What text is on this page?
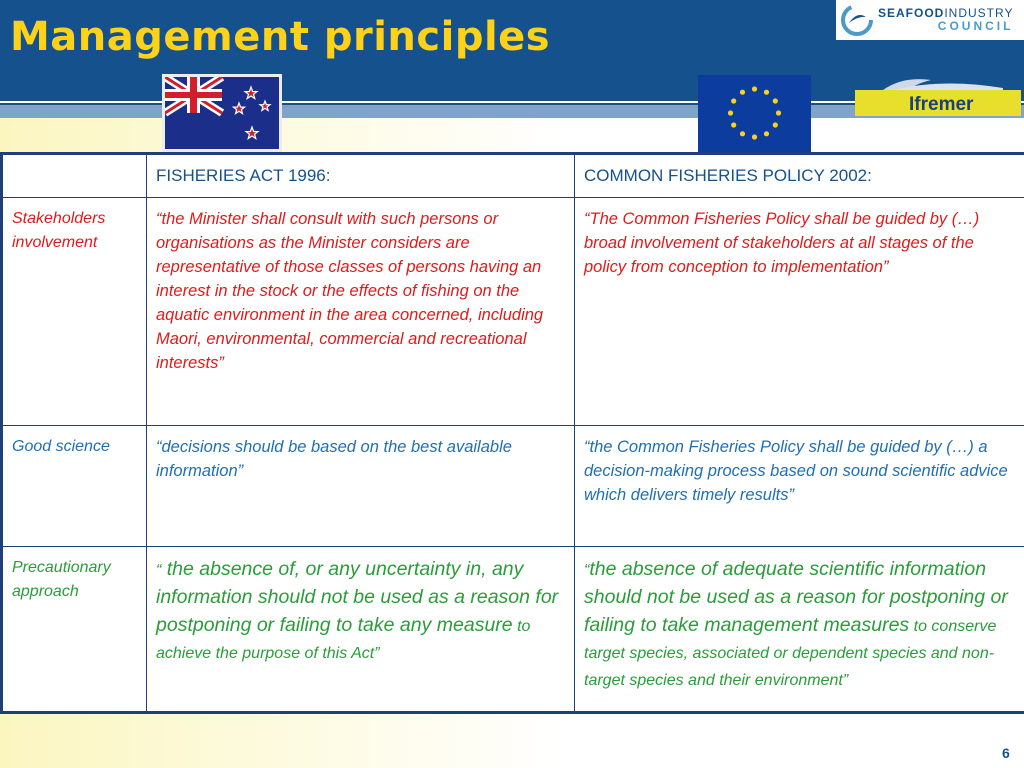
Management principles
SEAFOODINDUSTRY
COUNCIL
Ifremer
	FISHERIES ACT 1996:	COMMON FISHERIES POLICY 2002:
Stakeholders involvement	“the Minister shall consult with such persons or organisations as the Minister considers are representative of those classes of persons having an interest in the stock or the effects of fishing on the aquatic environment in the area concerned, including Maori, environmental, commercial and recreational interests”	“The Common Fisheries Policy shall be guided by (…) broad involvement of stakeholders at all stages of the policy from conception to implementation”
Good science	“decisions should be based on the best available information”	“the Common Fisheries Policy shall be guided by (…) a decision-making process based on sound scientific advice which delivers timely results”
Precautionary approach	“ the absence of, or any uncertainty in, any information should not be used as a reason for postponing or failing to take any measure to achieve the purpose of this Act”	“the absence of adequate scientific information should not be used as a reason for postponing or failing to take management measures to conserve target species, associated or dependent species and non-target species and their environment”
6
